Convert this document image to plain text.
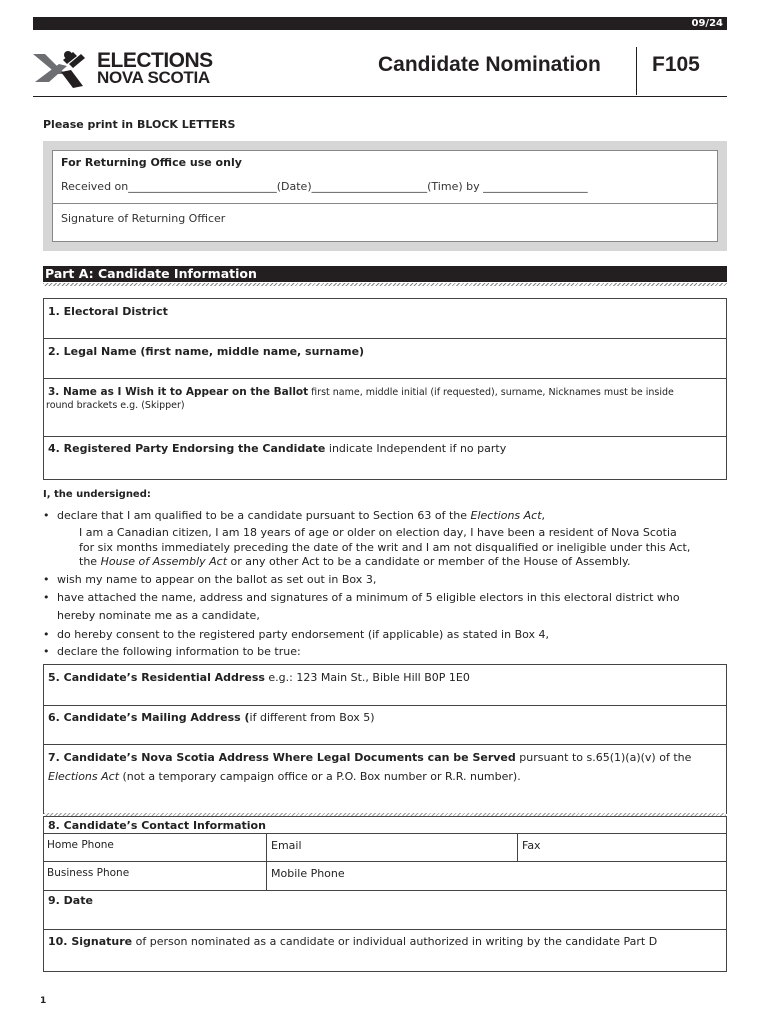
09/24
ELECTIONS
NOVA SCOTIA
Candidate Nomination F105
Please print in BLOCK LETTERS
For Returning Office use only
Received on___________________________(Date)_____________________(Time) by ___________________
Signature of Returning Officer
Part A: Candidate Information
1. Electoral District
2. Legal Name (first name, middle name, surname)
3. Name as I Wish it to Appear on the Ballot first name, middle initial (if requested), surname, Nicknames must be inside
round brackets e.g. (Skipper)
4. Registered Party Endorsing the Candidate indicate Independent if no party
I, the undersigned:
• declare that I am qualified to be a candidate pursuant to Section 63 of the Elections Act,
I am a Canadian citizen, I am 18 years of age or older on election day, I have been a resident of Nova Scotia
for six months immediately preceding the date of the writ and I am not disqualified or ineligible under this Act,
the House of Assembly Act or any other Act to be a candidate or member of the House of Assembly.
• wish my name to appear on the ballot as set out in Box 3,
• have attached the name, address and signatures of a minimum of 5 eligible electors in this electoral district who
hereby nominate me as a candidate,
• do hereby consent to the registered party endorsement (if applicable) as stated in Box 4,
• declare the following information to be true:
5. Candidate’s Residential Address e.g.: 123 Main St., Bible Hill B0P 1E0
6. Candidate’s Mailing Address (if different from Box 5)
7. Candidate’s Nova Scotia Address Where Legal Documents can be Served pursuant to s.65(1)(a)(v) of the
Elections Act (not a temporary campaign office or a P.O. Box number or R.R. number).
8. Candidate’s Contact Information
Home Phone	Email	Fax
Business Phone	Mobile Phone
9. Date
10. Signature of person nominated as a candidate or individual authorized in writing by the candidate Part D
1
